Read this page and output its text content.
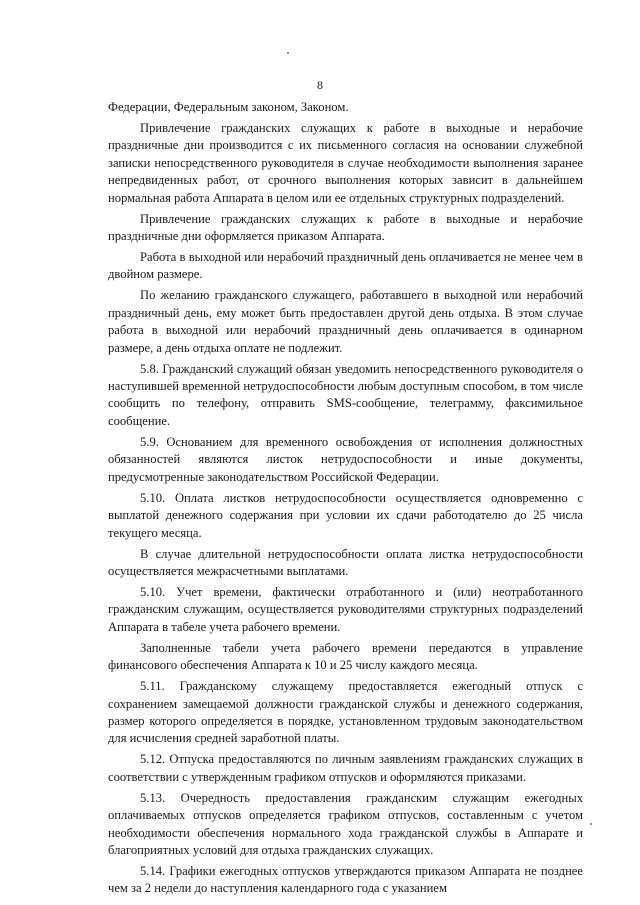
8

Федерации, Федеральным законом, Законом.

Привлечение гражданских служащих к работе в выходные и нерабочие праздничные дни производится с их письменного согласия на основании служебной записки непосредственного руководителя в случае необходимости выполнения заранее непредвиденных работ, от срочного выполнения которых зависит в дальнейшем нормальная работа Аппарата в целом или ее отдельных структурных подразделений.

Привлечение гражданских служащих к работе в выходные и нерабочие праздничные дни оформляется приказом Аппарата.

Работа в выходной или нерабочий праздничный день оплачивается не менее чем в двойном размере.

По желанию гражданского служащего, работавшего в выходной или нерабочий праздничный день, ему может быть предоставлен другой день отдыха. В этом случае работа в выходной или нерабочий праздничный день оплачивается в одинарном размере, а день отдыха оплате не подлежит.

5.8. Гражданский служащий обязан уведомить непосредственного руководителя о наступившей временной нетрудоспособности любым доступным способом, в том числе сообщить по телефону, отправить SMS-сообщение, телеграмму, факсимильное сообщение.

5.9. Основанием для временного освобождения от исполнения должностных обязанностей являются листок нетрудоспособности и иные документы, предусмотренные законодательством Российской Федерации.

5.10. Оплата листков нетрудоспособности осуществляется одновременно с выплатой денежного содержания при условии их сдачи работодателю до 25 числа текущего месяца.

В случае длительной нетрудоспособности оплата листка нетрудоспособности осуществляется межрасчетными выплатами.

5.10. Учет времени, фактически отработанного и (или) неотработанного гражданским служащим, осуществляется руководителями структурных подразделений Аппарата в табеле учета рабочего времени.

Заполненные табели учета рабочего времени передаются в управление финансового обеспечения Аппарата к 10 и 25 числу каждого месяца.

5.11. Гражданскому служащему предоставляется ежегодный отпуск с сохранением замещаемой должности гражданской службы и денежного содержания, размер которого определяется в порядке, установленном трудовым законодательством для исчисления средней заработной платы.

5.12. Отпуска предоставляются по личным заявлениям гражданских служащих в соответствии с утвержденным графиком отпусков и оформляются приказами.

5.13. Очередность предоставления гражданским служащим ежегодных оплачиваемых отпусков определяется графиком отпусков, составленным с учетом необходимости обеспечения нормального хода гражданской службы в Аппарате и благоприятных условий для отдыха гражданских служащих.

5.14. Графики ежегодных отпусков утверждаются приказом Аппарата не позднее чем за 2 недели до наступления календарного года с указанием
